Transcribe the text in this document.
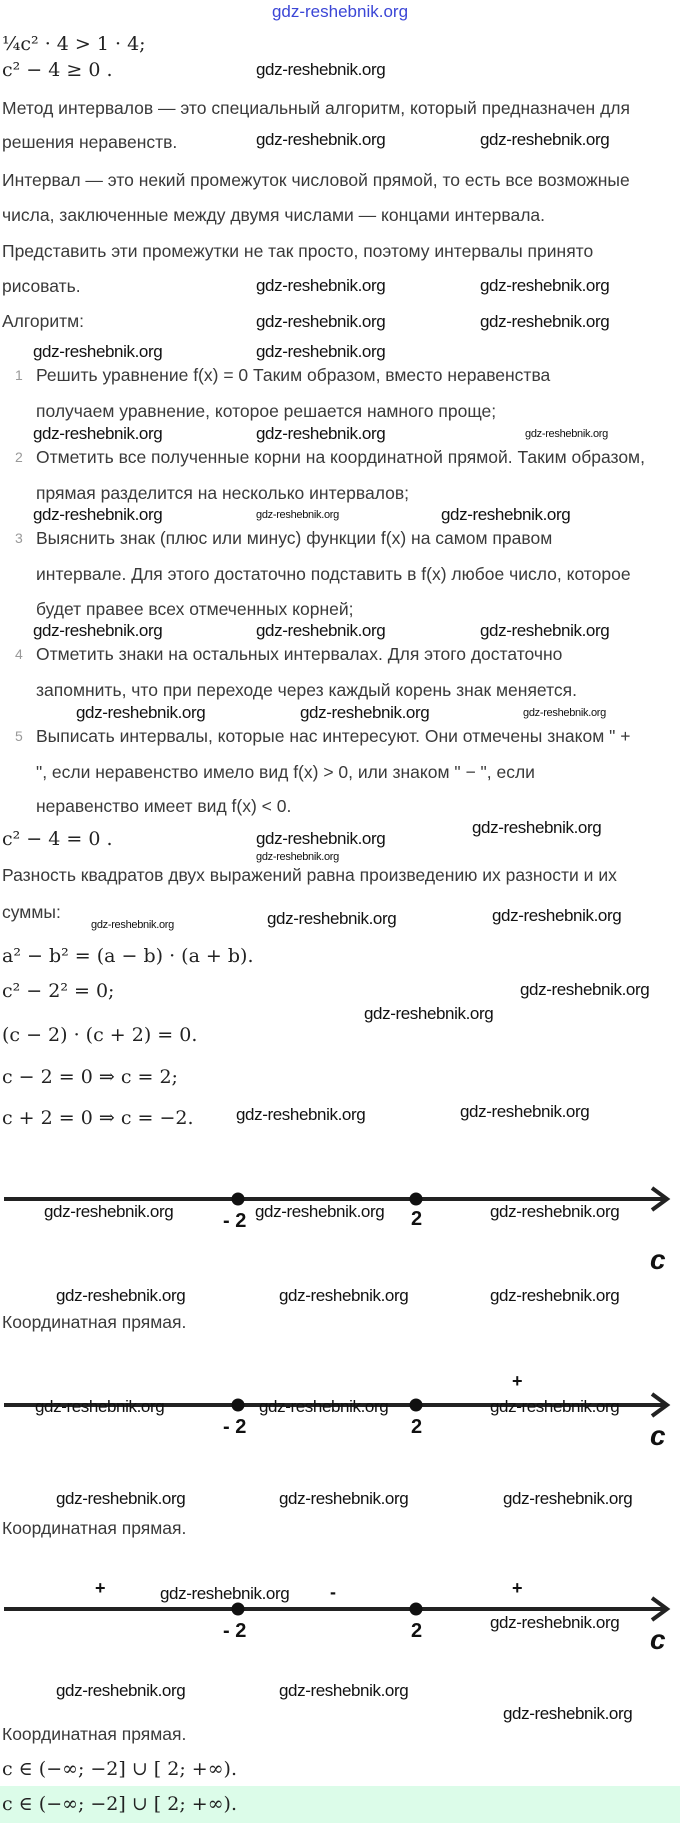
gdz-reshebnik.org
¹⁄₄c² · 4 > 1 · 4;
c² − 4 ≥ 0 .
Метод интервалов — это специальный алгоритм, который предназначен для
решения неравенств.
Интервал — это некий промежуток числовой прямой, то есть все возможные
числа, заключенные между двумя числами — концами интервала.
Представить эти промежутки не так просто, поэтому интервалы принято
рисовать.
Алгоритм:
1 Решить уравнение f(x) = 0 Таким образом, вместо неравенства
получаем уравнение, которое решается намного проще;
2 Отметить все полученные корни на координатной прямой. Таким образом,
прямая разделится на несколько интервалов;
3 Выяснить знак (плюс или минус) функции f(x) на самом правом
интервале. Для этого достаточно подставить в f(x) любое число, которое
будет правее всех отмеченных корней;
4 Отметить знаки на остальных интервалах. Для этого достаточно
запомнить, что при переходе через каждый корень знак меняется.
5 Выписать интервалы, которые нас интересуют. Они отмечены знаком " +
", если неравенство имело вид f(x) > 0, или знаком " − ", если
неравенство имеет вид f(x) < 0.
c² − 4 = 0 .
Разность квадратов двух выражений равна произведению их разности и их
суммы:
a² − b² = (a − b) · (a + b).
c² − 2² = 0;
(c − 2) · (c + 2) = 0.
c − 2 = 0 ⇒ c = 2;
c + 2 = 0 ⇒ c = −2.
- 2	2
c
Координатная прямая.
+
- 2	2	c
Координатная прямая.
+	-	+
- 2	2	c
Координатная прямая.
c ∈ (−∞; −2] ∪ [ 2; +∞).
c ∈ (−∞; −2] ∪ [ 2; +∞).
gdz-reshebnik.org
gdz-reshebnik.org	gdz-reshebnik.org
gdz-reshebnik.org	gdz-reshebnik.org
gdz-reshebnik.org	gdz-reshebnik.org
gdz-reshebnik.org	gdz-reshebnik.org
gdz-reshebnik.org	gdz-reshebnik.org	gdz-reshebnik.org
gdz-reshebnik.org	gdz-reshebnik.org	gdz-reshebnik.org
gdz-reshebnik.org	gdz-reshebnik.org	gdz-reshebnik.org
gdz-reshebnik.org	gdz-reshebnik.org	gdz-reshebnik.org
gdz-reshebnik.org
gdz-reshebnik.org
gdz-reshebnik.org
gdz-reshebnik.org	gdz-reshebnik.org	gdz-reshebnik.org
gdz-reshebnik.org
gdz-reshebnik.org
gdz-reshebnik.org	gdz-reshebnik.org
gdz-reshebnik.org	gdz-reshebnik.org	gdz-reshebnik.org
gdz-reshebnik.org	gdz-reshebnik.org	gdz-reshebnik.org
gdz-reshebnik.org	gdz-reshebnik.org	gdz-reshebnik.org
gdz-reshebnik.org	gdz-reshebnik.org	gdz-reshebnik.org
gdz-reshebnik.org
gdz-reshebnik.org
gdz-reshebnik.org	gdz-reshebnik.org
gdz-reshebnik.org
